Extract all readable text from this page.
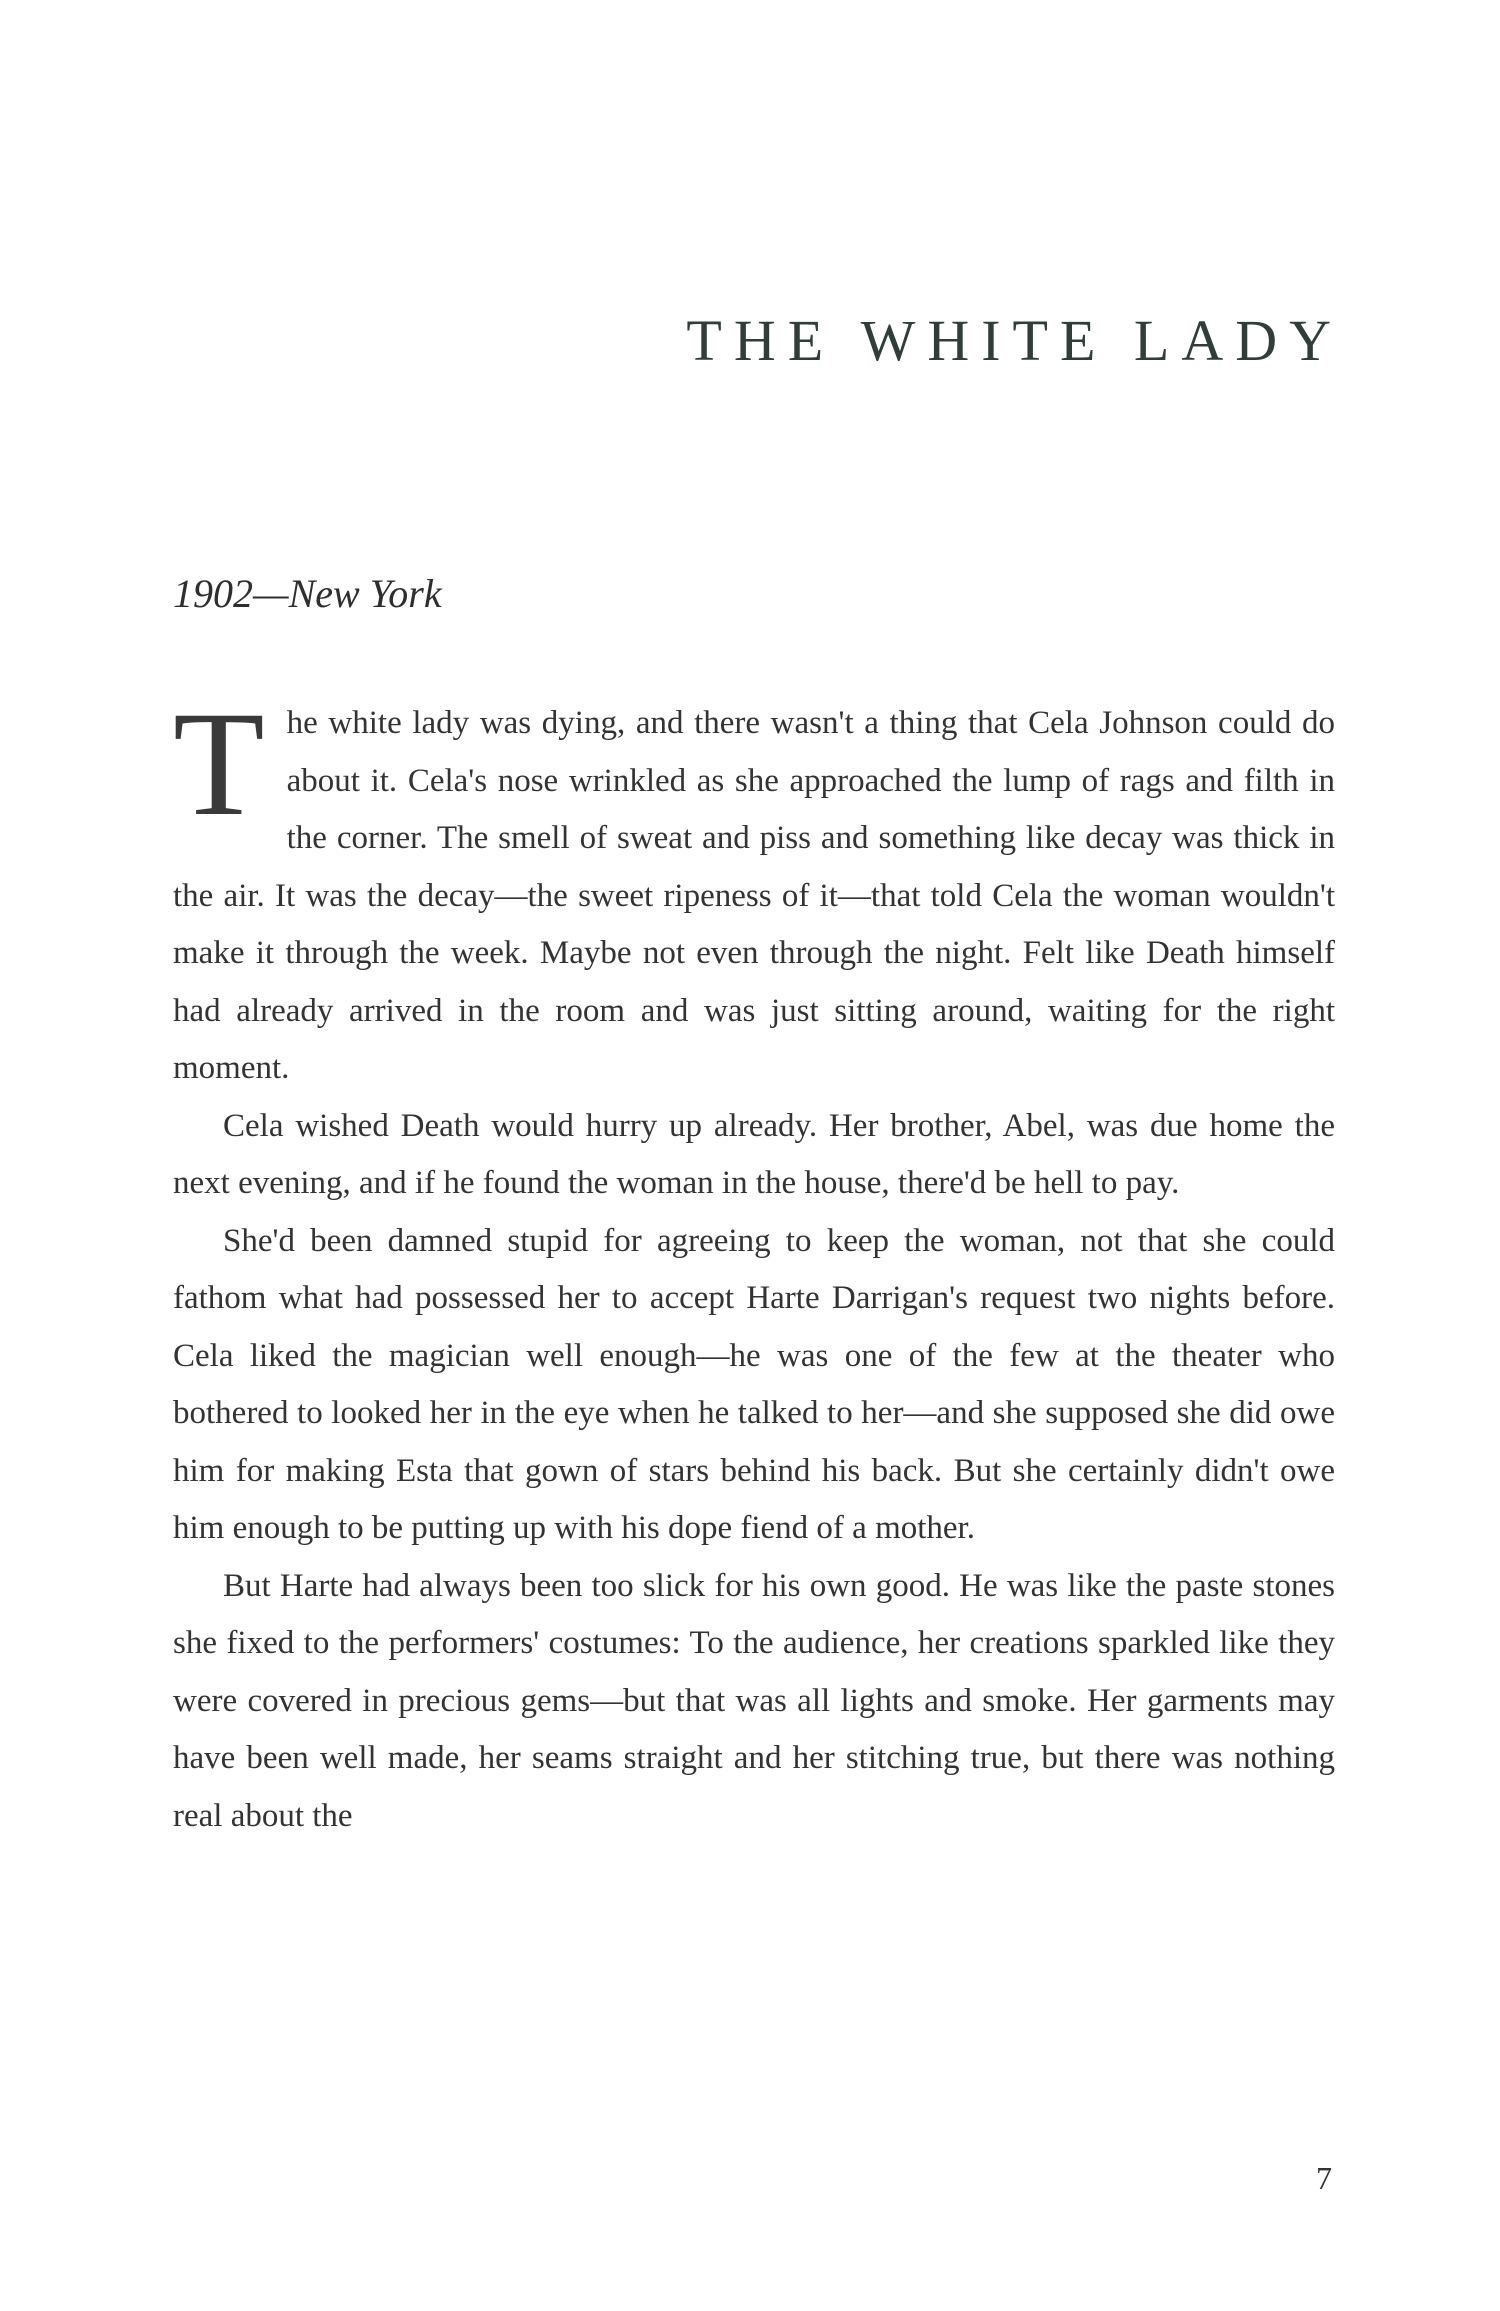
THE WHITE LADY
1902—New York

The white lady was dying, and there wasn't a thing that Cela Johnson could do about it. Cela's nose wrinkled as she approached the lump of rags and filth in the corner. The smell of sweat and piss and something like decay was thick in the air. It was the decay—the sweet ripeness of it—that told Cela the woman wouldn't make it through the week. Maybe not even through the night. Felt like Death himself had already arrived in the room and was just sitting around, waiting for the right moment.

Cela wished Death would hurry up already. Her brother, Abel, was due home the next evening, and if he found the woman in the house, there'd be hell to pay.

She'd been damned stupid for agreeing to keep the woman, not that she could fathom what had possessed her to accept Harte Darrigan's request two nights before. Cela liked the magician well enough—he was one of the few at the theater who bothered to looked her in the eye when he talked to her—and she supposed she did owe him for making Esta that gown of stars behind his back. But she certainly didn't owe him enough to be putting up with his dope fiend of a mother.

But Harte had always been too slick for his own good. He was like the paste stones she fixed to the performers' costumes: To the audience, her creations sparkled like they were covered in precious gems—but that was all lights and smoke. Her garments may have been well made, her seams straight and her stitching true, but there was nothing real about the

7
